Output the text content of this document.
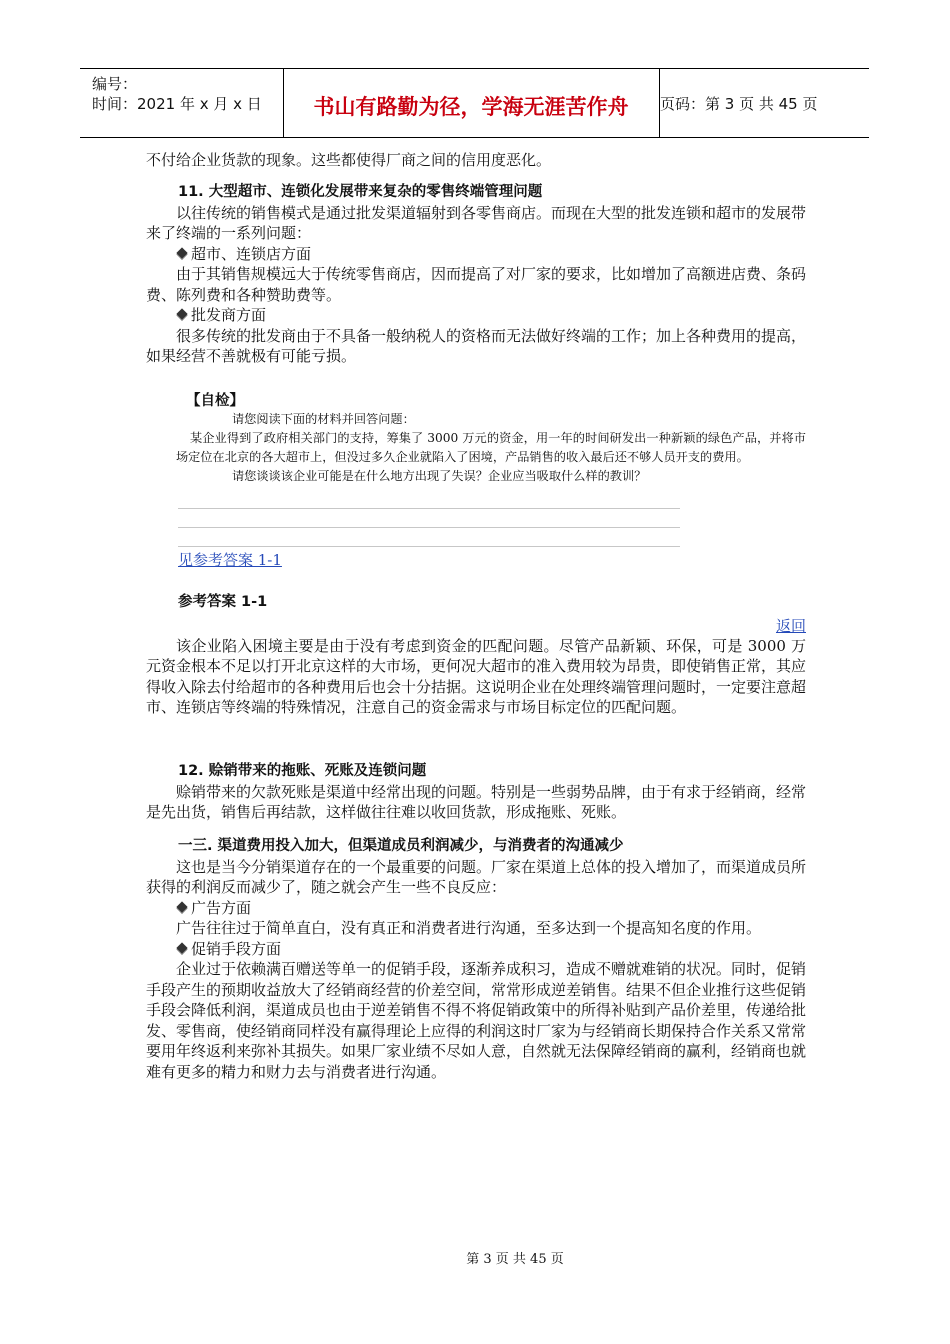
编号：
时间：2021 年 x 月 x 日	书山有路勤为径，学海无涯苦作舟	页码：第 3 页 共 45 页

不付给企业货款的现象。这些都使得厂商之间的信用度恶化。

11. 大型超市、连锁化发展带来复杂的零售终端管理问题

以往传统的销售模式是通过批发渠道辐射到各零售商店。而现在大型的批发连锁和超市的发展带来了终端的一系列问题：

超市、连锁店方面

由于其销售规模远大于传统零售商店，因而提高了对厂家的要求，比如增加了高额进店费、条码费、陈列费和各种赞助费等。

批发商方面

很多传统的批发商由于不具备一般纳税人的资格而无法做好终端的工作；加上各种费用的提高，如果经营不善就极有可能亏损。

【自检】

请您阅读下面的材料并回答问题：

某企业得到了政府相关部门的支持，筹集了 3000 万元的资金，用一年的时间研发出一种新颖的绿色产品，并将市场定位在北京的各大超市上，但没过多久企业就陷入了困境，产品销售的收入最后还不够人员开支的费用。

请您谈谈该企业可能是在什么地方出现了失误？企业应当吸取什么样的教训？

见参考答案 1-1
参考答案 1-1
返回

该企业陷入困境主要是由于没有考虑到资金的匹配问题。尽管产品新颖、环保，可是 3000 万元资金根本不足以打开北京这样的大市场，更何况大超市的准入费用较为昂贵，即使销售正常，其应得收入除去付给超市的各种费用后也会十分拮据。这说明企业在处理终端管理问题时，一定要注意超市、连锁店等终端的特殊情况，注意自己的资金需求与市场目标定位的匹配问题。

12. 赊销带来的拖账、死账及连锁问题

赊销带来的欠款死账是渠道中经常出现的问题。特别是一些弱势品牌，由于有求于经销商，经常是先出货，销售后再结款，这样做往往难以收回货款，形成拖账、死账。

一三. 渠道费用投入加大，但渠道成员利润减少，与消费者的沟通减少

这也是当今分销渠道存在的一个最重要的问题。厂家在渠道上总体的投入增加了，而渠道成员所获得的利润反而减少了，随之就会产生一些不良反应：

广告方面

广告往往过于简单直白，没有真正和消费者进行沟通，至多达到一个提高知名度的作用。

促销手段方面

企业过于依赖满百赠送等单一的促销手段，逐渐养成积习，造成不赠就难销的状况。同时，促销手段产生的预期收益放大了经销商经营的价差空间，常常形成逆差销售。结果不但企业推行这些促销手段会降低利润，渠道成员也由于逆差销售不得不将促销政策中的所得补贴到产品价差里，传递给批发、零售商，使经销商同样没有赢得理论上应得的利润这时厂家为与经销商长期保持合作关系又常常要用年终返利来弥补其损失。如果厂家业绩不尽如人意，自然就无法保障经销商的赢利，经销商也就难有更多的精力和财力去与消费者进行沟通。

第 3 页 共 45 页
